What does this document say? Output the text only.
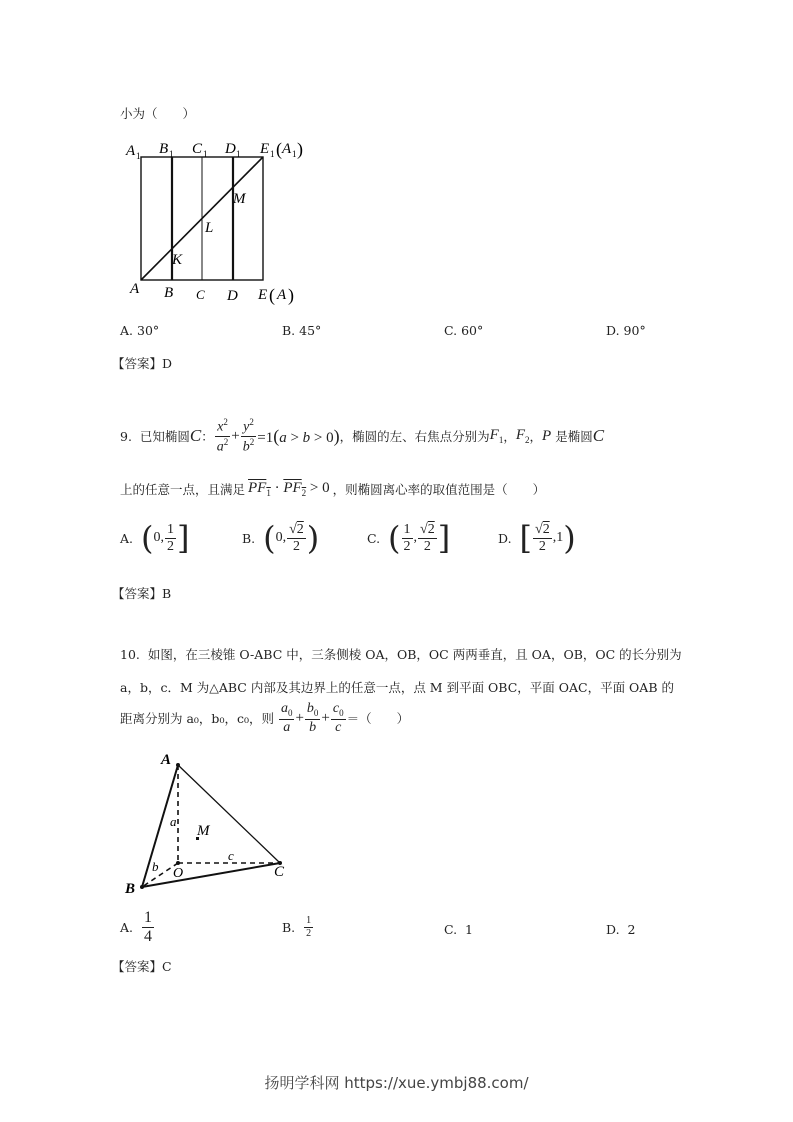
小为（　　）
A 1 B 1 C 1 D 1 E 1 ( A 1 )
M
L
K
A B C D E ( A )
A. 30°	B. 45°	C. 60°	D. 90°
【答案】D
9.
已知椭圆 C ： $\frac{x^2}{a^2} + \frac{y^2}{b^2} =1(a > b > 0)$ ，椭圆的左、右焦点分别为 $F_1$ ， $F_2$ ， P
是椭圆 C
上的任意一点，且满足 $PF_1 \cdot PF_2 > 0$ ，则椭圆离心率的取值范围是（　　）
A.
( 0, $\frac{1}{2}$ ]	B.
( 0, $\frac{√2}{2}$ )	C.
( $\frac{1}{2}$ , $\frac{√2}{2}$ ]	D.
[ $\frac{√2}{2} ,1$ )
【答案】B
10. 如图，在三棱锥 O-ABC 中，三条侧棱 OA，OB，OC 两两垂直，且 OA，OB，OC 的长分别为
a，b，c．M 为△ABC 内部及其边界上的任意一点，点 M 到平面 OBC，平面 OAC，平面 OAB 的
距离分别为 a₀，b₀，c₀，则
$\frac{a_0}{a} + \frac{b_0}{b} + \frac{c_0}{c}$ ＝（　　）
A
a
M
b O
c
C
B
A.
$\frac{1}{4}$	B.
$\frac{1}{2}$	C. 1	D. 2
【答案】C
扬明学科网 https://xue.ymbj88.com/
